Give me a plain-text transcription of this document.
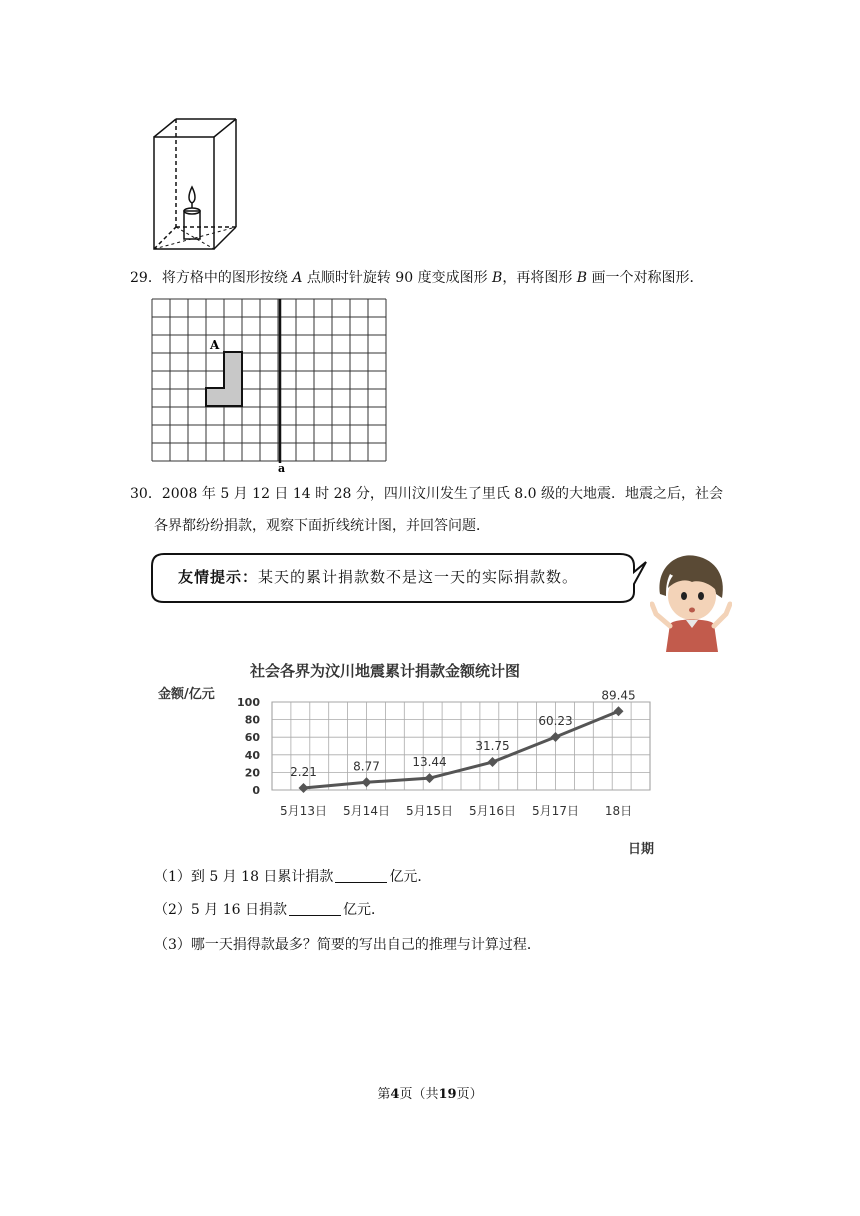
29．将方格中的图形按绕 A 点顺时针旋转 90 度变成图形 B，再将图形 B 画一个对称图形．
A
a
30．2008 年 5 月 12 日 14 时 28 分，四川汶川发生了里氏 8.0 级的大地震．地震之后，社会
各界都纷纷捐款，观察下面折线统计图，并回答问题．
友情提示：某天的累计捐款数不是这一天的实际捐款数。
社会各界为汶川地震累计捐款金额统计图
金额/亿元
0
20
40
60
80
100
5月13日 5月14日 5月15日 5月16日 5月17日 18日
2.21	8.77	13.44
31.75
60.23
89.45
日期
（1）到 5 月 18 日累计捐款	亿元．
（2）5 月 16 日捐款	亿元．
（3）哪一天捐得款最多？简要的写出自己的推理与计算过程．
第4页（共19页）
